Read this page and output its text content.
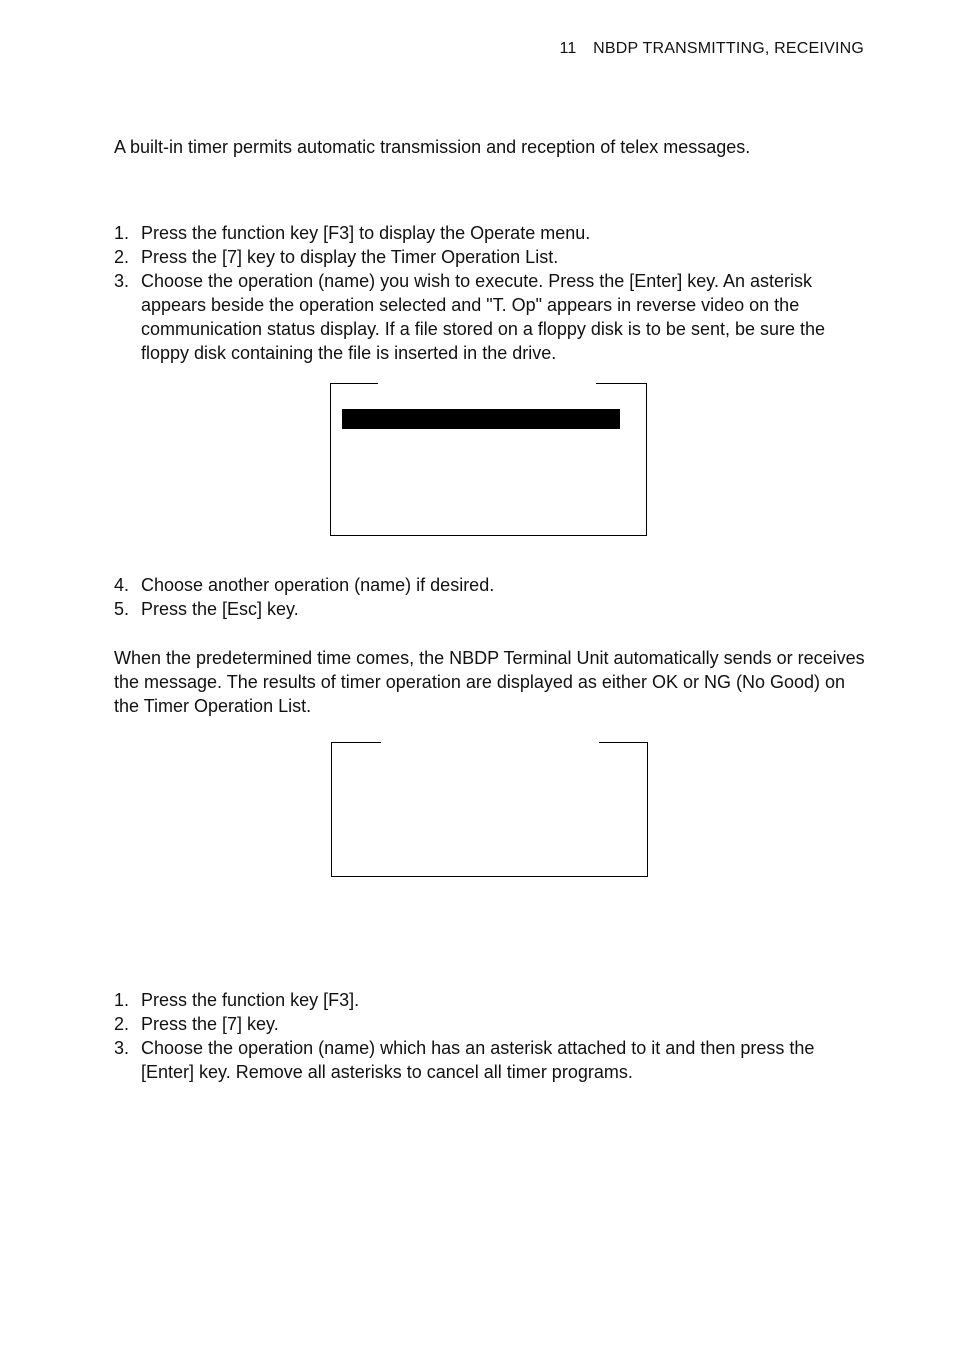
11 NBDP TRANSMITTING, RECEIVING

A built-in timer permits automatic transmission and reception of telex messages.

1. Press the function key [F3] to display the Operate menu.
2. Press the [7] key to display the Timer Operation List.
3. Choose the operation (name) you wish to execute. Press the [Enter] key. An asterisk appears beside the operation selected and "T. Op" appears in reverse video on the communication status display. If a file stored on a floppy disk is to be sent, be sure the floppy disk containing the file is inserted in the drive.
4. Choose another operation (name) if desired.
5. Press the [Esc] key.

When the predetermined time comes, the NBDP Terminal Unit automatically sends or receives the message. The results of timer operation are displayed as either OK or NG (No Good) on the Timer Operation List.

1. Press the function key [F3].
2. Press the [7] key.
3. Choose the operation (name) which has an asterisk attached to it and then press the [Enter] key. Remove all asterisks to cancel all timer programs.
